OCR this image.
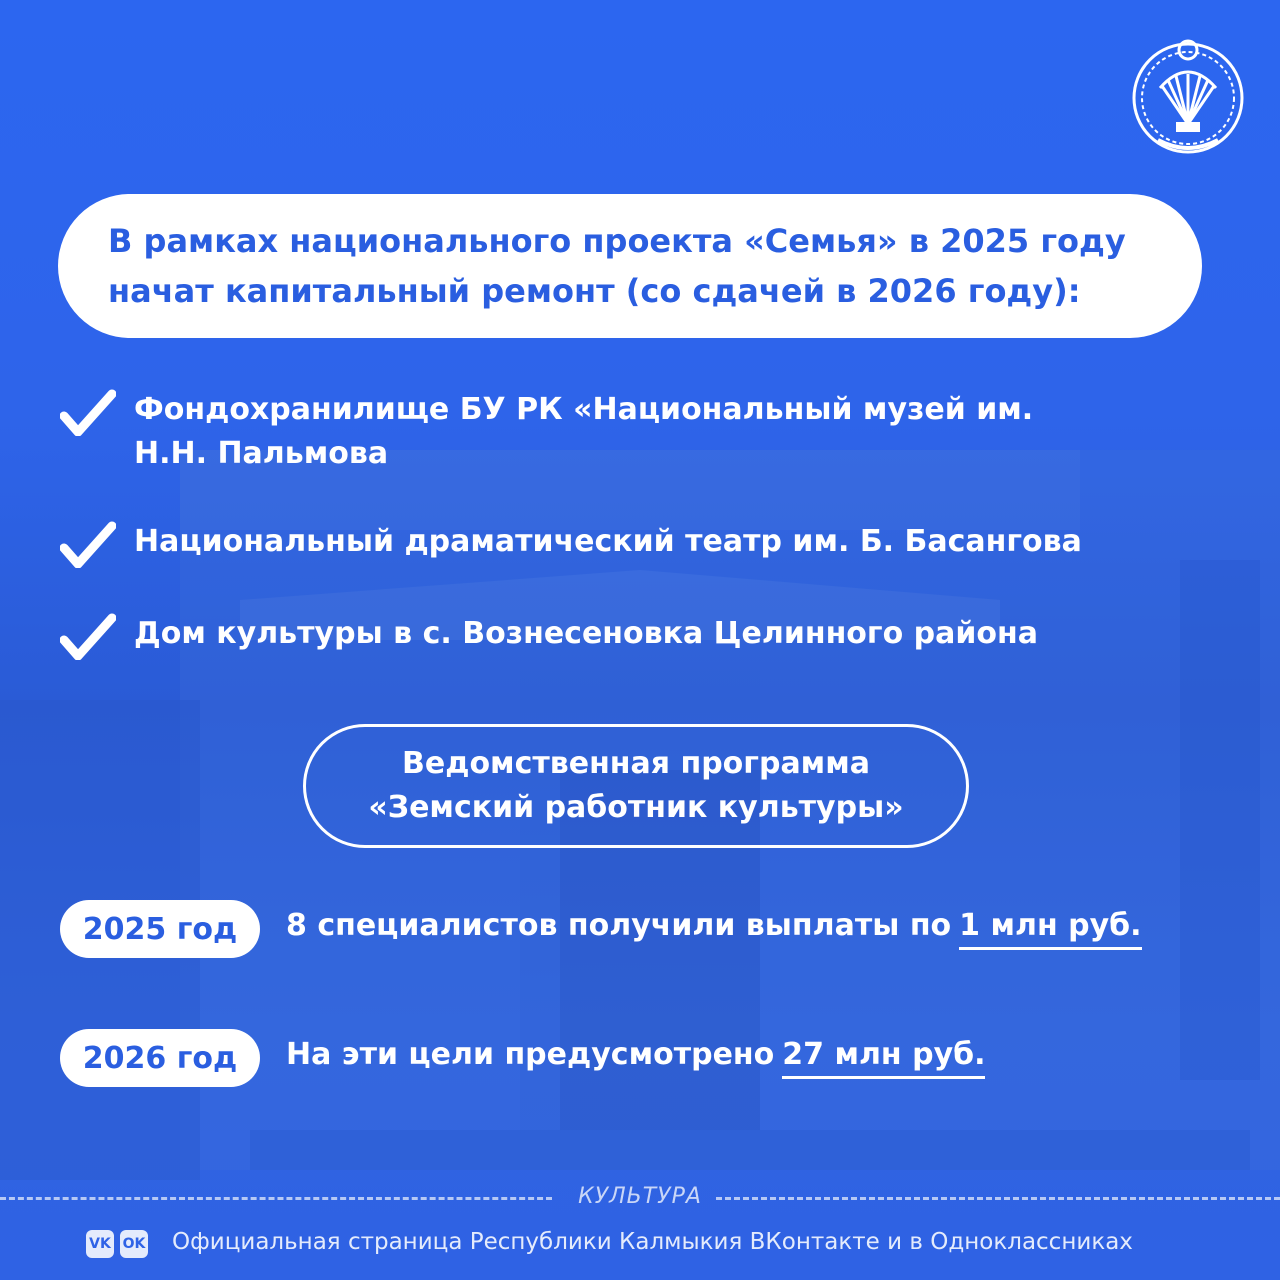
В рамках национального проекта «Семья» в 2025 году
начат капитальный ремонт (со сдачей в 2026 году):
Фондохранилище БУ РК «Национальный музей им.
Н.Н. Пальмова
Национальный драматический театр им. Б. Басангова
Дом культуры в с. Вознесеновка Целинного района
Ведомственная программа
«Земский работник культуры»
2025 год	8 специалистов получили выплаты по 1 млн руб.
2026 год	На эти цели предусмотрено 27 млн руб.
КУЛЬТУРА
VK OK Официальная страница Республики Калмыкия ВКонтакте и в Одноклассниках
